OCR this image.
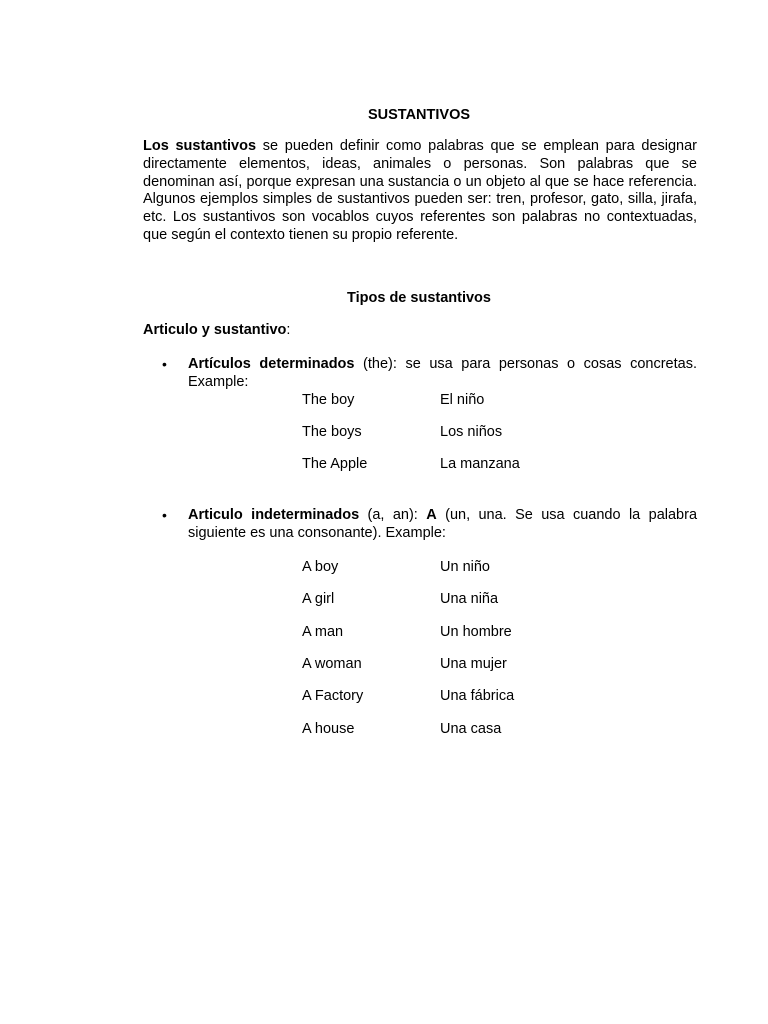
SUSTANTIVOS

Los sustantivos se pueden definir como palabras que se emplean para designar directamente elementos, ideas, animales o personas. Son palabras que se denominan así, porque expresan una sustancia o un objeto al que se hace referencia. Algunos ejemplos simples de sustantivos pueden ser: tren, profesor, gato, silla, jirafa, etc. Los sustantivos son vocablos cuyos referentes son palabras no contextuadas, que según el contexto tienen su propio referente.

Tipos de sustantivos
Articulo y sustantivo:
• Artículos determinados (the): se usa para personas o cosas concretas. Example:
The boy	El niño
The boys	Los niños
The Apple	La manzana
• Articulo indeterminados (a, an): A (un, una. Se usa cuando la palabra siguiente es una consonante). Example:
A boy	Un niño
A girl	Una niña
A man	Un hombre
A woman	Una mujer
A Factory	Una fábrica
A house	Una casa
